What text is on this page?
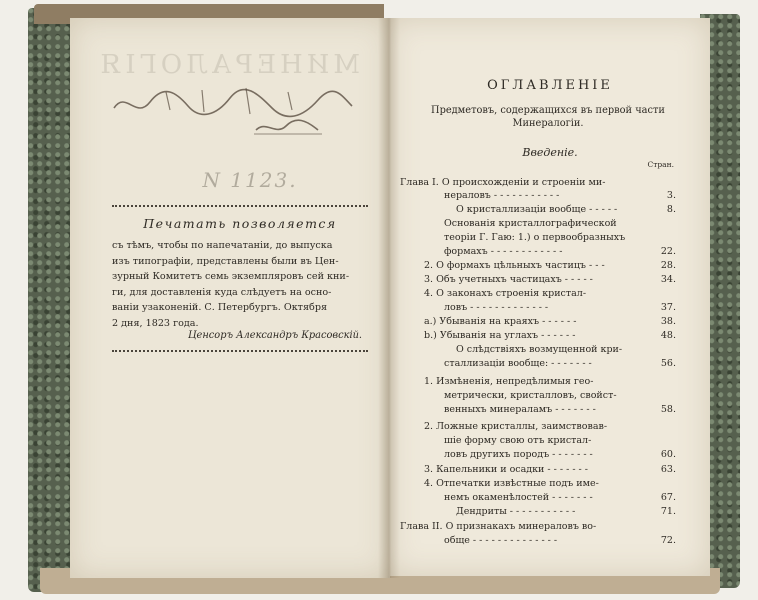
МИНЕРАЛОГІЯ
N 1123.
Печатать позволяется
съ тѣмъ, чтобы по напечатаніи, до выпуска
изъ типографіи, представлены были въ Цен-
зурный Комитетъ семь экземпляровъ сей кни-
ги, для доставленія куда слѣдуетъ на осно-
ваніи узаконеній. С. Петербургъ. Октября
2 дня, 1823 года.
Ценсоръ Александръ Красовскій.
ОГЛАВЛЕНІЕ
Предметовъ, содержащихся въ первой части
Минералогіи.
Введеніе.
Стран.
Глава I. О происхожденіи и строеніи ми-
нераловъ - - - - - - - - - - -	3.
О кристаллизаціи вообще - - - - -	8.
Основанія кристаллографической
теоріи Г. Гаю: 1.) о первообразныхъ
формахъ - - - - - - - - - - - -	22.
2. О формахъ цѣльныхъ частицъ - - -	28.
3. Объ учетныхъ частицахъ - - - - -	34.
4. О законахъ строенія кристал-
ловъ - - - - - - - - - - - - -	37.
a.) Убыванія на краяхъ - - - - - -	38.
b.) Убыванія на углахъ - - - - - -	48.
О слѣдствіяхъ возмущенной кри-
сталлизаціи вообще: - - - - - - -	56.
1. Измѣненія, непредѣлимыя гео-
метрически, кристалловъ, свойст-
венныхъ минераламъ - - - - - - -	58.
2. Ложные кристаллы, заимствовав-
шіе форму свою отъ кристал-
ловъ другихъ породъ - - - - - - -	60.
3. Капельники и осадки - - - - - - -	63.
4. Отпечатки извѣстные подъ име-
немъ окаменѣлостей - - - - - - -	67.
Дендриты - - - - - - - - - - -	71.
Глава II. О признакахъ минераловъ во-
обще - - - - - - - - - - - - - -	72.
